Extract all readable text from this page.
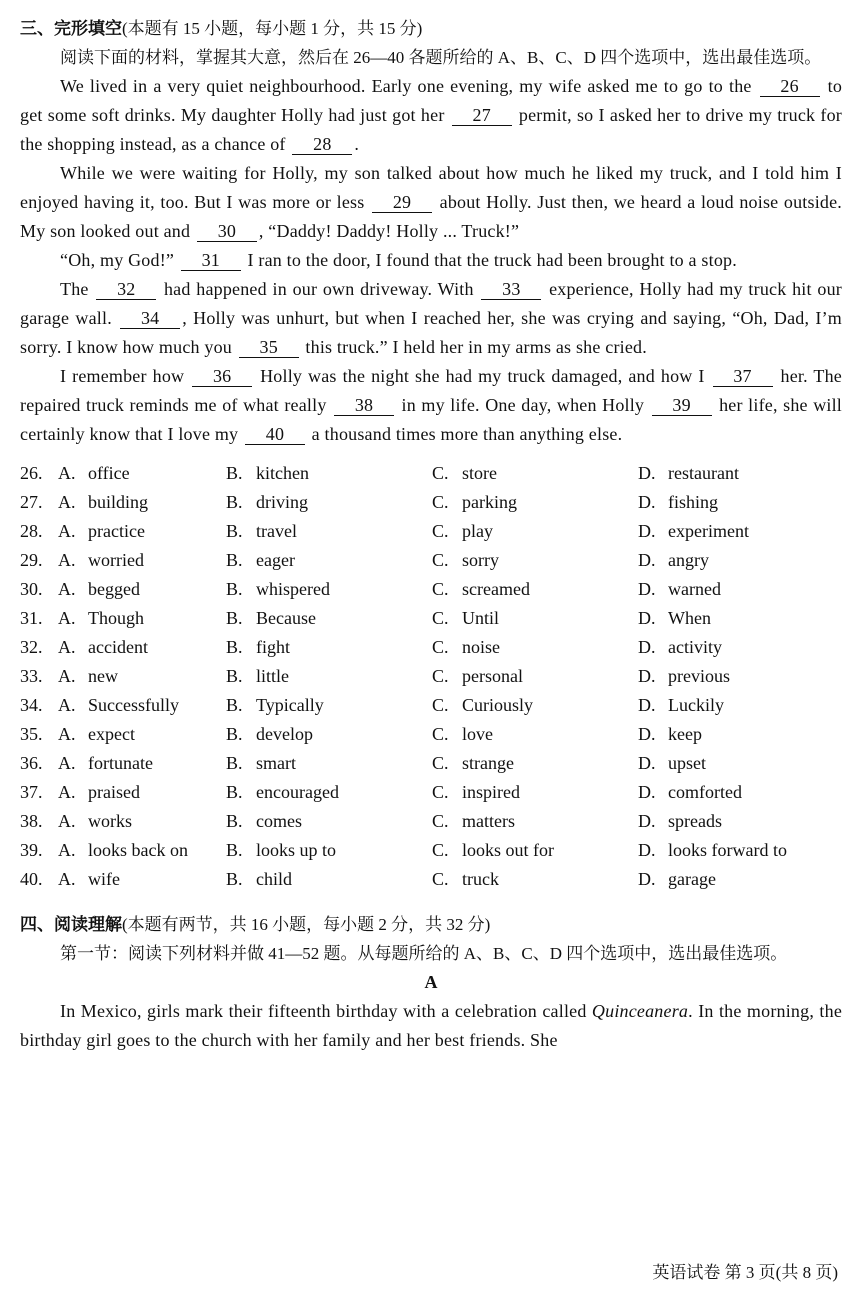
三、完形填空(本题有 15 小题，每小题 1 分，共 15 分)

阅读下面的材料，掌握其大意，然后在 26—40 各题所给的 A、B、C、D 四个选项中，选出最佳选项。

We lived in a very quiet neighbourhood. Early one evening, my wife asked me to go to the 26 to get some soft drinks. My daughter Holly had just got her 27 permit, so I asked her to drive my truck for the shopping instead, as a chance of 28 .

While we were waiting for Holly, my son talked about how much he liked my truck, and I told him I enjoyed having it, too. But I was more or less 29 about Holly. Just then, we heard a loud noise outside. My son looked out and 30 , “Daddy! Daddy! Holly ... Truck!”

“Oh, my God!” 31 I ran to the door, I found that the truck had been brought to a stop.

The 32 had happened in our own driveway. With 33 experience, Holly had my truck hit our garage wall. 34 , Holly was unhurt, but when I reached her, she was crying and saying, “Oh, Dad, I’m sorry. I know how much you 35 this truck.” I held her in my arms as she cried.

I remember how 36 Holly was the night she had my truck damaged, and how I 37 her. The repaired truck reminds me of what really 38 in my life. One day, when Holly 39 her life, she will certainly know that I love my 40 a thousand times more than anything else.

26. A. office	B. kitchen	C. store	D. restaurant
27. A. building	B. driving	C. parking	D. fishing
28. A. practice	B. travel	C. play	D. experiment
29. A. worried	B. eager	C. sorry	D. angry
30. A. begged	B. whispered	C. screamed	D. warned
31. A. Though	B. Because	C. Until	D. When
32. A. accident	B. fight	C. noise	D. activity
33. A. new	B. little	C. personal	D. previous
34. A. Successfully	B. Typically	C. Curiously	D. Luckily
35. A. expect	B. develop	C. love	D. keep
36. A. fortunate	B. smart	C. strange	D. upset
37. A. praised	B. encouraged	C. inspired	D. comforted
38. A. works	B. comes	C. matters	D. spreads
39. A. looks back on	B. looks up to	C. looks out for	D. looks forward to
40. A. wife	B. child	C. truck	D. garage

四、阅读理解(本题有两节，共 16 小题，每小题 2 分，共 32 分)

第一节：阅读下列材料并做 41—52 题。从每题所给的 A、B、C、D 四个选项中，选出最佳选项。

A

In Mexico, girls mark their fifteenth birthday with a celebration called Quinceanera. In the morning, the birthday girl goes to the church with her family and her best friends. She

英语试卷 第 3 页(共 8 页)
